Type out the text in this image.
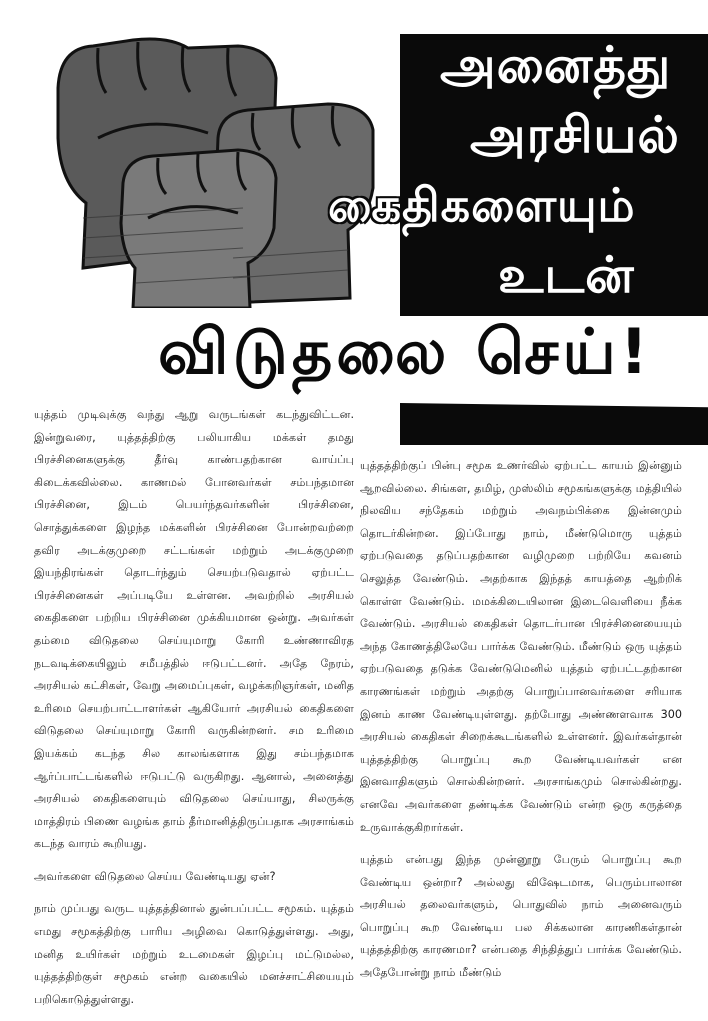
அனைத்து
அரசியல்
கைதிகளையும்
உடன்
விடுதலை செய்!

யுத்தம் முடிவுக்கு வந்து ஆறு வருடங்கள் கடந்துவிட்டன. இன்றுவரை, யுத்தத்திற்கு பலியாகிய மக்கள் தமது பிரச்சினைகளுக்கு தீர்வு காண்பதற்கான வாய்ப்பு கிடைக்கவில்லை. காணமல் போனவர்கள் சம்பந்தமான பிரச்சினை, இடம் பெயர்ந்தவர்களின் பிரச்சினை, சொத்துக்களை இழந்த மக்களின் பிரச்சினை போன்றவற்றை தவிர அடக்குமுறை சட்டங்கள் மற்றும் அடக்குமுறை இயந்திரங்கள் தொடர்ந்தும் செயற்படுவதால் ஏற்பட்ட பிரச்சினைகள் அப்படியே உள்ளன. அவற்றில் அரசியல் கைதிகளை பற்றிய பிரச்சினை முக்கியமான ஒன்று. அவர்கள் தம்மை விடுதலை செய்யுமாறு கோரி உண்ணாவிரத நடவடிக்கையிலும் சமீபத்தில் ஈடுபட்டனர். அதே நேரம், அரசியல் கட்சிகள், வேறு அமைப்புகள், வழக்கறிஞர்கள், மனித உரிமை செயற்பாட்டாளர்கள் ஆகியோர் அரசியல் கைதிகளை விடுதலை செய்யுமாறு கோரி வருகின்றனர். சம உரிமை இயக்கம் கடந்த சில காலங்களாக இது சம்பந்தமாக ஆர்ப்பாட்டங்களில் ஈடுபட்டு வருகிறது. ஆனால், அனைத்து அரசியல் கைதிகளையும் விடுதலை செய்யாது, சிலருக்கு மாத்திரம் பிணை வழங்க தாம் தீர்மானித்திருப்பதாக அரசாங்கம் கடந்த வாரம் கூறியது.

அவர்களை விடுதலை செய்ய வேண்டியது ஏன்?

நாம் முப்பது வருட யுத்தத்தினால் துன்பப்பட்ட சமூகம். யுத்தம் எமது சமூகத்திற்கு பாரிய அழிவை கொடுத்துள்ளது. அது, மனித உயிர்கள் மற்றும் உடமைகள் இழப்பு மட்டுமல்ல, யுத்தத்திற்குள் சமூகம் என்ற வகையில் மனச்சாட்சியையும் பறிகொடுத்துள்ளது.

யுத்தத்திற்குப் பின்பு சமூக உணர்வில் ஏற்பட்ட காயம் இன்னும் ஆறவில்லை. சிங்கள, தமிழ், முஸ்லிம் சமூகங்களுக்கு மத்தியில் நிலவிய சந்தேகம் மற்றும் அவநம்பிக்கை இன்னமும் தொடர்கின்றன. இப்போது நாம், மீண்டுமொரு யுத்தம் ஏற்படுவதை தடுப்பதற்கான வழிமுறை பற்றியே கவனம் செலுத்த வேண்டும். அதற்காக இந்தத் காயத்தை ஆற்றிக் கொள்ள வேண்டும். மமக்கிடையிலான இடைவெளியை நீக்க வேண்டும். அரசியல் கைதிகள் தொடர்பான பிரச்சினையையும் அந்த கோணத்திலேயே பார்க்க வேண்டும். மீண்டும் ஒரு யுத்தம் ஏற்படுவதை தடுக்க வேண்டுமெனில் யுத்தம் ஏற்பட்டதற்கான காரணங்கள் மற்றும் அதற்கு பொறுப்பானவர்களை சரியாக இனம் காண வேண்டியுள்ளது. தற்போது அண்ணளவாக 300 அரசியல் கைதிகள் சிறைக்கூடங்களில் உள்ளனர். இவர்கள்தான் யுத்தத்திற்கு பொறுப்பு கூற வேண்டியவர்கள் என இனவாதிகளும் சொல்கின்றனர். அரசாங்கமும் சொல்கின்றது. எனவே அவர்களை தண்டிக்க வேண்டும் என்ற ஒரு கருத்தை உருவாக்குகிறார்கள்.

யுத்தம் என்பது இந்த முன்னூறு பேரும் பொறுப்பு கூற வேண்டிய ஒன்றா? அல்லது விஷேடமாக, பெரும்பாலான அரசியல் தலைவர்களும், பொதுவில் நாம் அனைவரும் பொறுப்பு கூற வேண்டிய பல சிக்கலான காரணிகள்தான் யுத்தத்திற்கு காரணமா? என்பதை சிந்தித்துப் பார்க்க வேண்டும். அதேபோன்று நாம் மீண்டும்
